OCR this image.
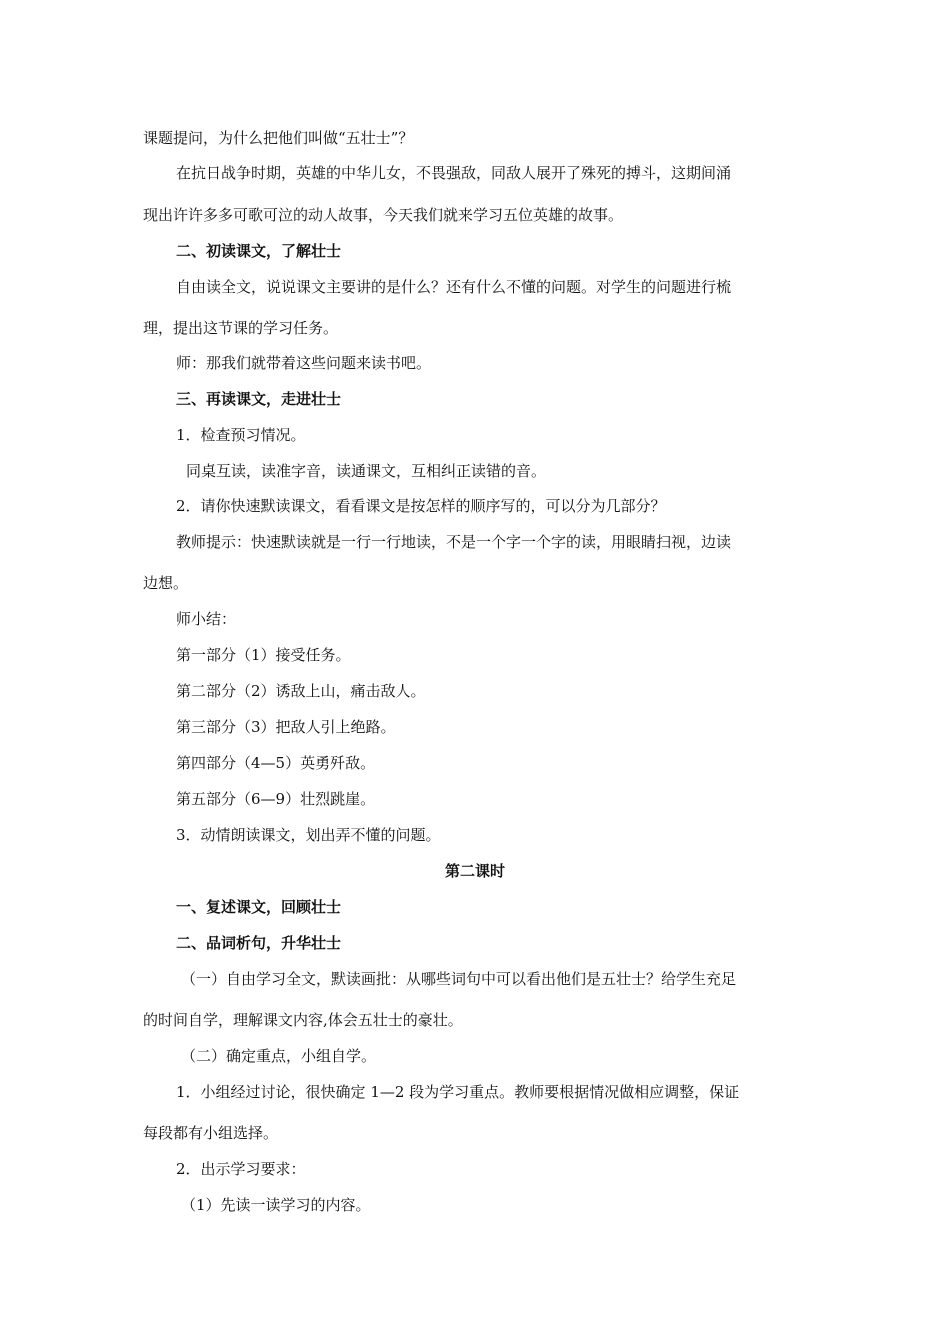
课题提问，为什么把他们叫做“五壮士”？
在抗日战争时期，英雄的中华儿女，不畏强敌，同敌人展开了殊死的搏斗，这期间涌
现出许许多多可歌可泣的动人故事，今天我们就来学习五位英雄的故事。
二、初读课文，了解壮士
自由读全文，说说课文主要讲的是什么？还有什么不懂的问题。对学生的问题进行梳
理，提出这节课的学习任务。
师：那我们就带着这些问题来读书吧。
三、再读课文，走进壮士
1．检查预习情况。
同桌互读，读准字音，读通课文，互相纠正读错的音。
2．请你快速默读课文，看看课文是按怎样的顺序写的，可以分为几部分？
教师提示：快速默读就是一行一行地读，不是一个字一个字的读，用眼睛扫视，边读
边想。
师小结：
第一部分（1）接受任务。
第二部分（2）诱敌上山，痛击敌人。
第三部分（3）把敌人引上绝路。
第四部分（4—5）英勇歼敌。
第五部分（6—9）壮烈跳崖。
3．动情朗读课文，划出弄不懂的问题。
第二课时
一、复述课文，回顾壮士
二、品词析句，升华壮士
（一）自由学习全文，默读画批：从哪些词句中可以看出他们是五壮士？给学生充足
的时间自学，理解课文内容,体会五壮士的豪壮。
（二）确定重点，小组自学。
1．小组经过讨论，很快确定 1—2 段为学习重点。教师要根据情况做相应调整，保证
每段都有小组选择。
2．出示学习要求：
（1）先读一读学习的内容。
